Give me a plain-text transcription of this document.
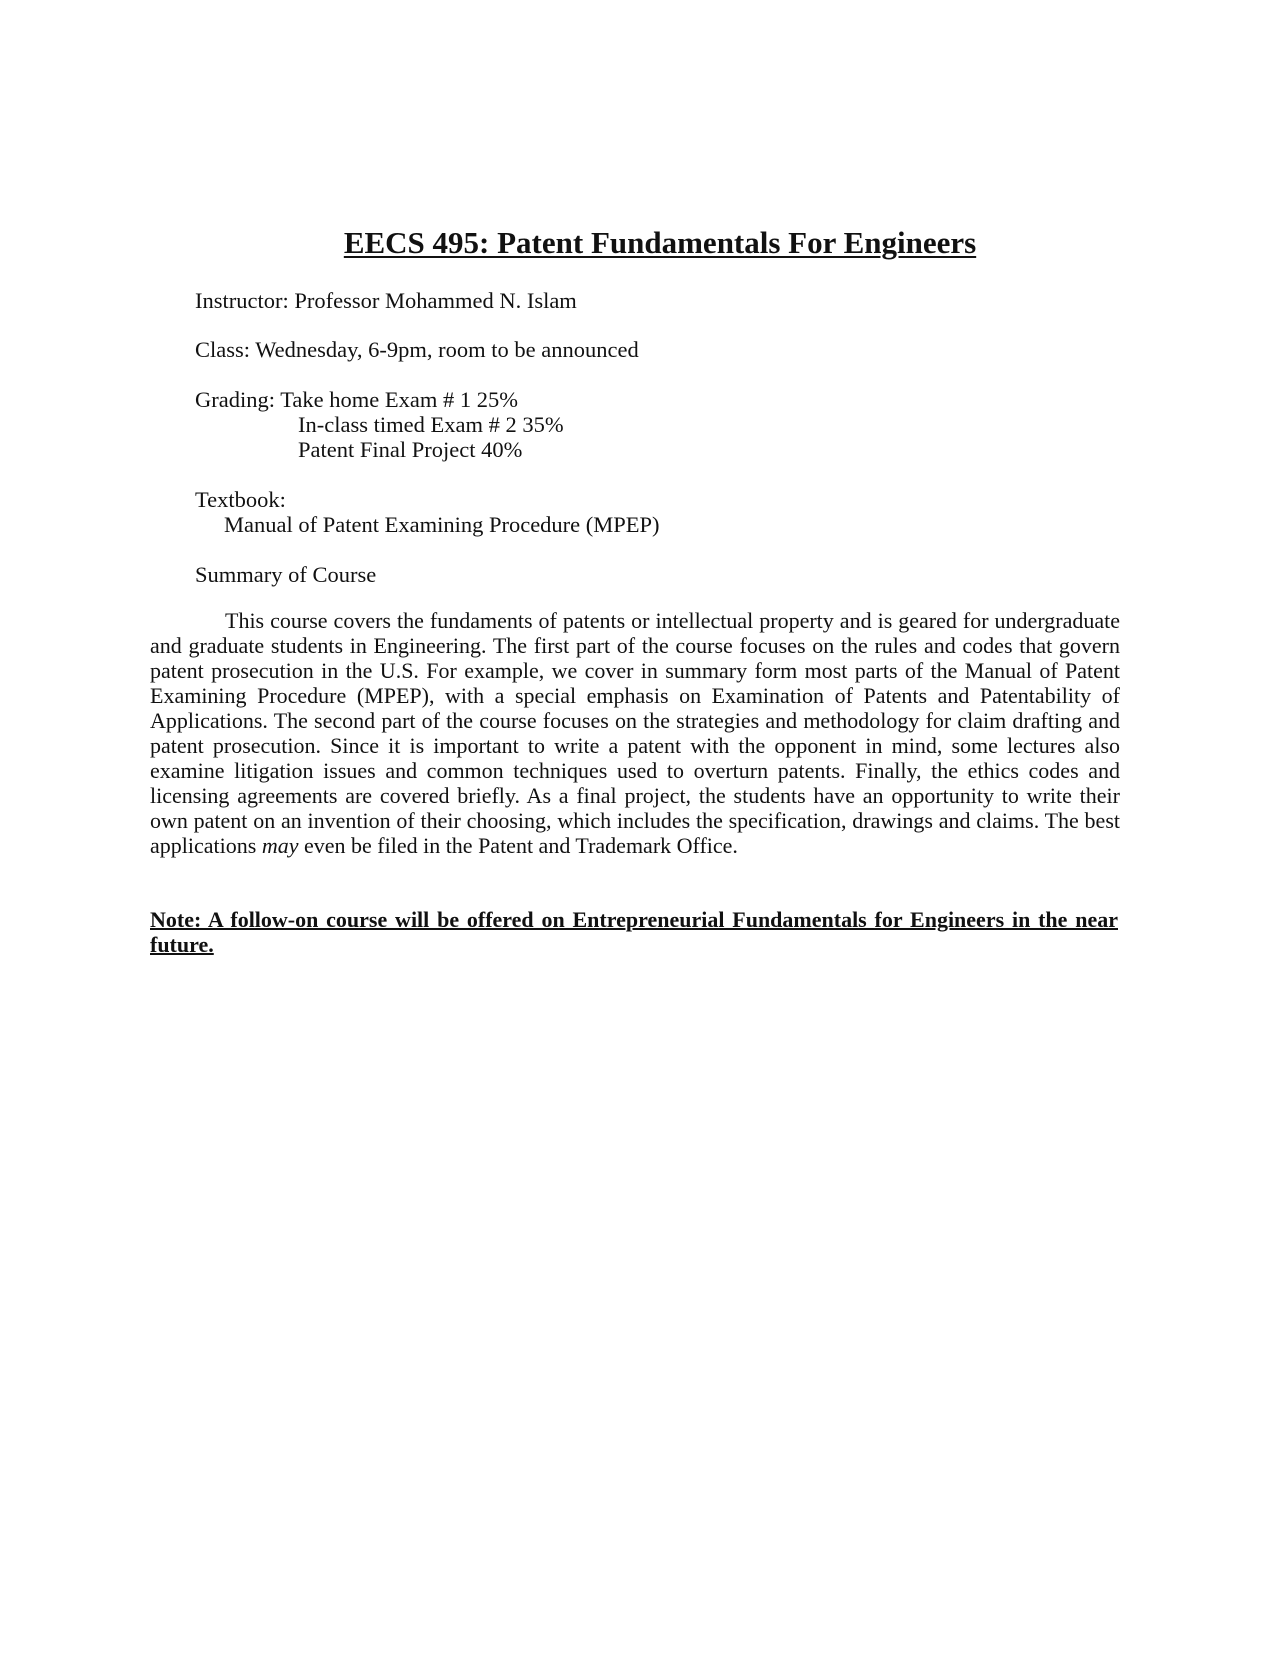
EECS 495: Patent Fundamentals For Engineers
Instructor: Professor Mohammed N. Islam
Class: Wednesday, 6-9pm, room to be announced
Grading: Take home Exam # 1 25%
In-class timed Exam # 2 35%
Patent Final Project 40%
Textbook:
Manual of Patent Examining Procedure (MPEP)
Summary of Course
This course covers the fundaments of patents or intellectual property and is geared for undergraduate and graduate students in Engineering. The first part of the course focuses on the rules and codes that govern patent prosecution in the U.S. For example, we cover in summary form most parts of the Manual of Patent Examining Procedure (MPEP), with a special emphasis on Examination of Patents and Patentability of Applications. The second part of the course focuses on the strategies and methodology for claim drafting and patent prosecution. Since it is important to write a patent with the opponent in mind, some lectures also examine litigation issues and common techniques used to overturn patents. Finally, the ethics codes and licensing agreements are covered briefly. As a final project, the students have an opportunity to write their own patent on an invention of their choosing, which includes the specification, drawings and claims. The best applications may even be filed in the Patent and Trademark Office.
Note: A follow-on course will be offered on Entrepreneurial Fundamentals for Engineers in the near future.
